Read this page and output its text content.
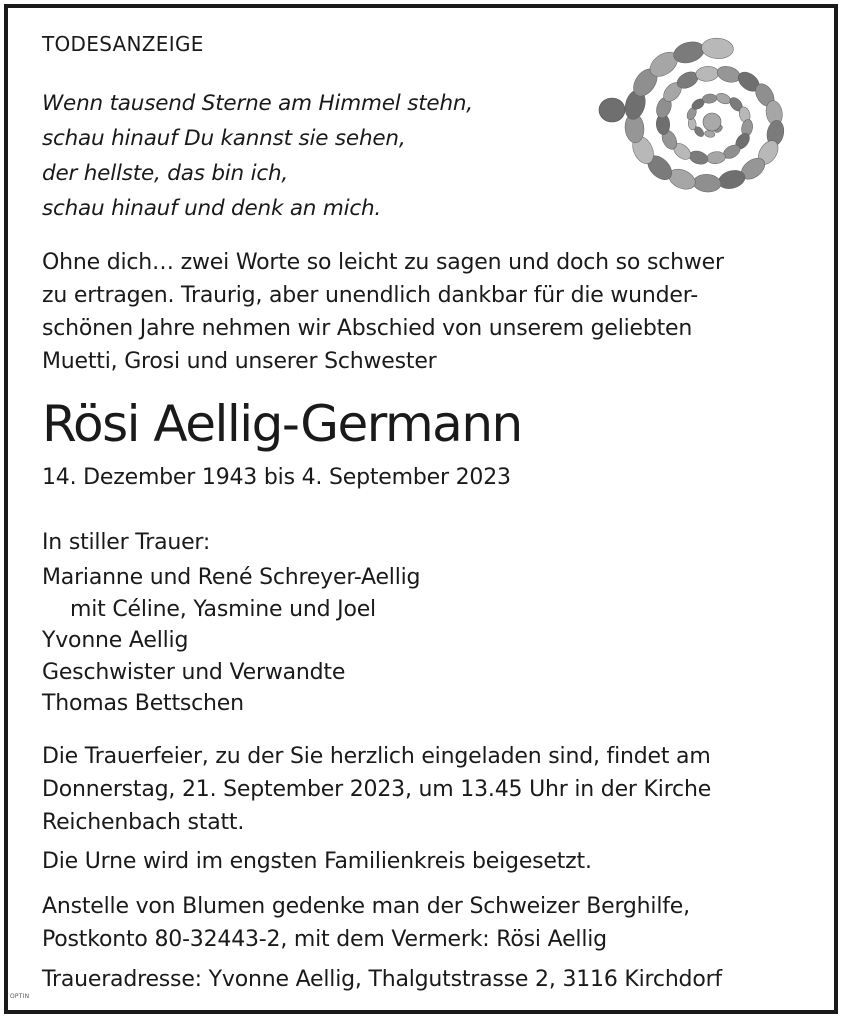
TODESANZEIGE
Wenn tausend Sterne am Himmel stehn,
schau hinauf Du kannst sie sehen,
der hellste, das bin ich,
schau hinauf und denk an mich.
Ohne dich… zwei Worte so leicht zu sagen und doch so schwer
zu ertragen. Traurig, aber unendlich dankbar für die wunder-
schönen Jahre nehmen wir Abschied von unserem geliebten
Muetti, Grosi und unserer Schwester
Rösi Aellig-Germann
14. Dezember 1943 bis 4. September 2023
In stiller Trauer:
Marianne und René Schreyer-Aellig
mit Céline, Yasmine und Joel
Yvonne Aellig
Geschwister und Verwandte
Thomas Bettschen
Die Trauerfeier, zu der Sie herzlich eingeladen sind, findet am
Donnerstag, 21. September 2023, um 13.45 Uhr in der Kirche
Reichenbach statt.
Die Urne wird im engsten Familienkreis beigesetzt.
Anstelle von Blumen gedenke man der Schweizer Berghilfe,
Postkonto 80-32443-2, mit dem Vermerk: Rösi Aellig
Traueradresse: Yvonne Aellig, Thalgutstrasse 2, 3116 Kirchdorf
OPTIN
